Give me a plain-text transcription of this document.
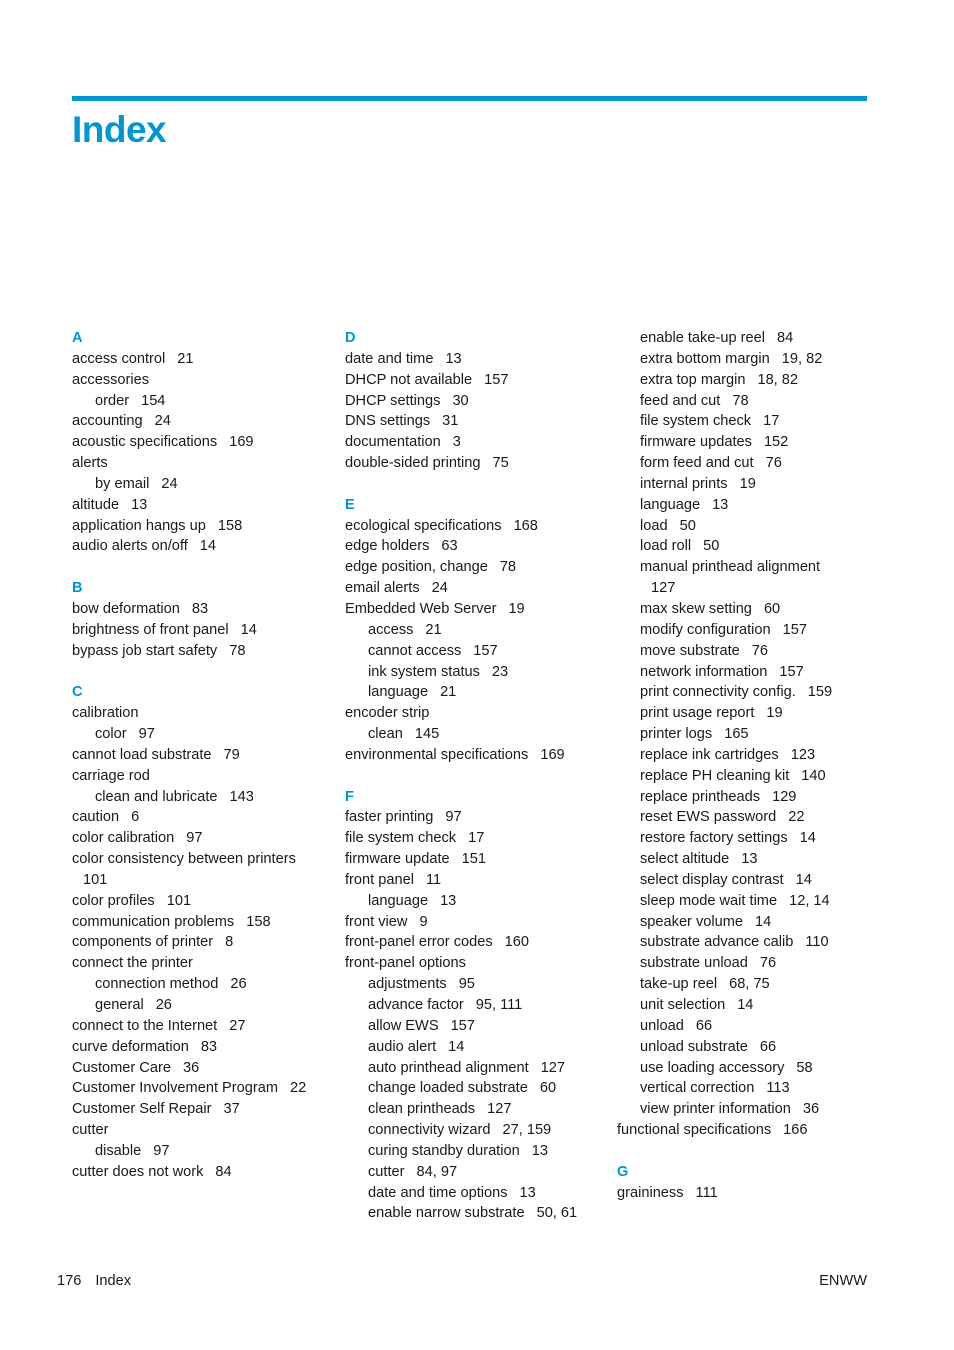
Index
A
access control 21
accessories
order 154
accounting 24
acoustic specifications 169
alerts
by email 24
altitude 13
application hangs up 158
audio alerts on/off 14
B
bow deformation 83
brightness of front panel 14
bypass job start safety 78
C
calibration
color 97
cannot load substrate 79
carriage rod
clean and lubricate 143
caution 6
color calibration 97
color consistency between printers
101
color profiles 101
communication problems 158
components of printer 8
connect the printer
connection method 26
general 26
connect to the Internet 27
curve deformation 83
Customer Care 36
Customer Involvement Program 22
Customer Self Repair 37
cutter
disable 97
cutter does not work 84
D
date and time 13
DHCP not available 157
DHCP settings 30
DNS settings 31
documentation 3
double-sided printing 75
E
ecological specifications 168
edge holders 63
edge position, change 78
email alerts 24
Embedded Web Server 19
access 21
cannot access 157
ink system status 23
language 21
encoder strip
clean 145
environmental specifications 169
F
faster printing 97
file system check 17
firmware update 151
front panel 11
language 13
front view 9
front-panel error codes 160
front-panel options
adjustments 95
advance factor 95, 111
allow EWS 157
audio alert 14
auto printhead alignment 127
change loaded substrate 60
clean printheads 127
connectivity wizard 27, 159
curing standby duration 13
cutter 84, 97
date and time options 13
enable narrow substrate 50, 61
enable take-up reel 84
extra bottom margin 19, 82
extra top margin 18, 82
feed and cut 78
file system check 17
firmware updates 152
form feed and cut 76
internal prints 19
language 13
load 50
load roll 50
manual printhead alignment
127
max skew setting 60
modify configuration 157
move substrate 76
network information 157
print connectivity config. 159
print usage report 19
printer logs 165
replace ink cartridges 123
replace PH cleaning kit 140
replace printheads 129
reset EWS password 22
restore factory settings 14
select altitude 13
select display contrast 14
sleep mode wait time 12, 14
speaker volume 14
substrate advance calib 110
substrate unload 76
take-up reel 68, 75
unit selection 14
unload 66
unload substrate 66
use loading accessory 58
vertical correction 113
view printer information 36
functional specifications 166
G
graininess 111
176 Index	ENWW
